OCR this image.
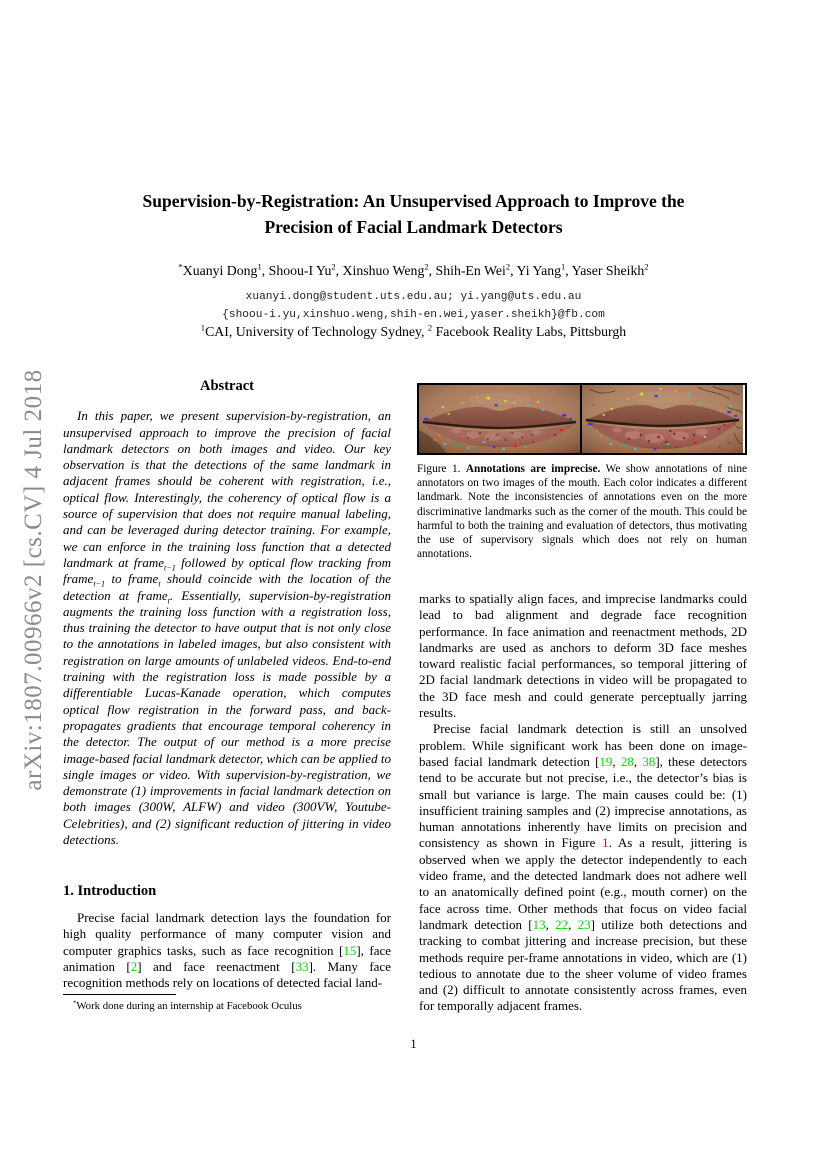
arXiv:1807.00966v2 [cs.CV] 4 Jul 2018
Supervision-by-Registration: An Unsupervised Approach to Improve the
Precision of Facial Landmark Detectors
*Xuanyi Dong$^1$, Shoou-I Yu$^2$, Xinshuo Weng$^2$, Shih-En Wei$^2$, Yi Yang$^1$, Yaser Sheikh$^2$
xuanyi.dong@student.uts.edu.au; yi.yang@uts.edu.au
{shoou-i.yu,xinshuo.weng,shih-en.wei,yaser.sheikh}@fb.com
$^1$CAI, University of Technology Sydney, $^2$ Facebook Reality Labs, Pittsburgh
Abstract

In this paper, we present supervision-by-registration, an unsupervised approach to improve the precision of facial landmark detectors on both images and video. Our key observation is that the detections of the same landmark in adjacent frames should be coherent with registration, i.e., optical flow. Interestingly, the coherency of optical flow is a source of supervision that does not require manual labeling, and can be leveraged during detector training. For example, we can enforce in the training loss function that a detected landmark at frame$_{t-1}$ followed by optical flow tracking from frame$_{t-1}$ to frame$_t$ should coincide with the location of the detection at frame$_t$. Essentially, supervision-by-registration augments the training loss function with a registration loss, thus training the detector to have output that is not only close to the annotations in labeled images, but also consistent with registration on large amounts of unlabeled videos. End-to-end training with the registration loss is made possible by a differentiable Lucas-Kanade operation, which computes optical flow registration in the forward pass, and back-propagates gradients that encourage temporal coherency in the detector. The output of our method is a more precise image-based facial landmark detector, which can be applied to single images or video. With supervision-by-registration, we demonstrate (1) improvements in facial landmark detection on both images (300W, ALFW) and video (300VW, Youtube-Celebrities), and (2) significant reduction of jittering in video detections.

1. Introduction

Precise facial landmark detection lays the foundation for high quality performance of many computer vision and computer graphics tasks, such as face recognition [15], face animation [2] and face reenactment [33]. Many face recognition methods rely on locations of detected facial land-

*Work done during an internship at Facebook Oculus
Figure 1. Annotations are imprecise. We show annotations of nine annotators on two images of the mouth. Each color indicates a different landmark. Note the inconsistencies of annotations even on the more discriminative landmarks such as the corner of the mouth. This could be harmful to both the training and evaluation of detectors, thus motivating the use of supervisory signals which does not rely on human annotations.

marks to spatially align faces, and imprecise landmarks could lead to bad alignment and degrade face recognition performance. In face animation and reenactment methods, 2D landmarks are used as anchors to deform 3D face meshes toward realistic facial performances, so temporal jittering of 2D facial landmark detections in video will be propagated to the 3D face mesh and could generate perceptually jarring results.

Precise facial landmark detection is still an unsolved problem. While significant work has been done on image-based facial landmark detection [19, 28, 38], these detectors tend to be accurate but not precise, i.e., the detector’s bias is small but variance is large. The main causes could be: (1) insufficient training samples and (2) imprecise annotations, as human annotations inherently have limits on precision and consistency as shown in Figure 1. As a result, jittering is observed when we apply the detector independently to each video frame, and the detected landmark does not adhere well to an anatomically defined point (e.g., mouth corner) on the face across time. Other methods that focus on video facial landmark detection [13, 22, 23] utilize both detections and tracking to combat jittering and increase precision, but these methods require per-frame annotations in video, which are (1) tedious to annotate due to the sheer volume of video frames and (2) difficult to annotate consistently across frames, even for temporally adjacent frames.

1
